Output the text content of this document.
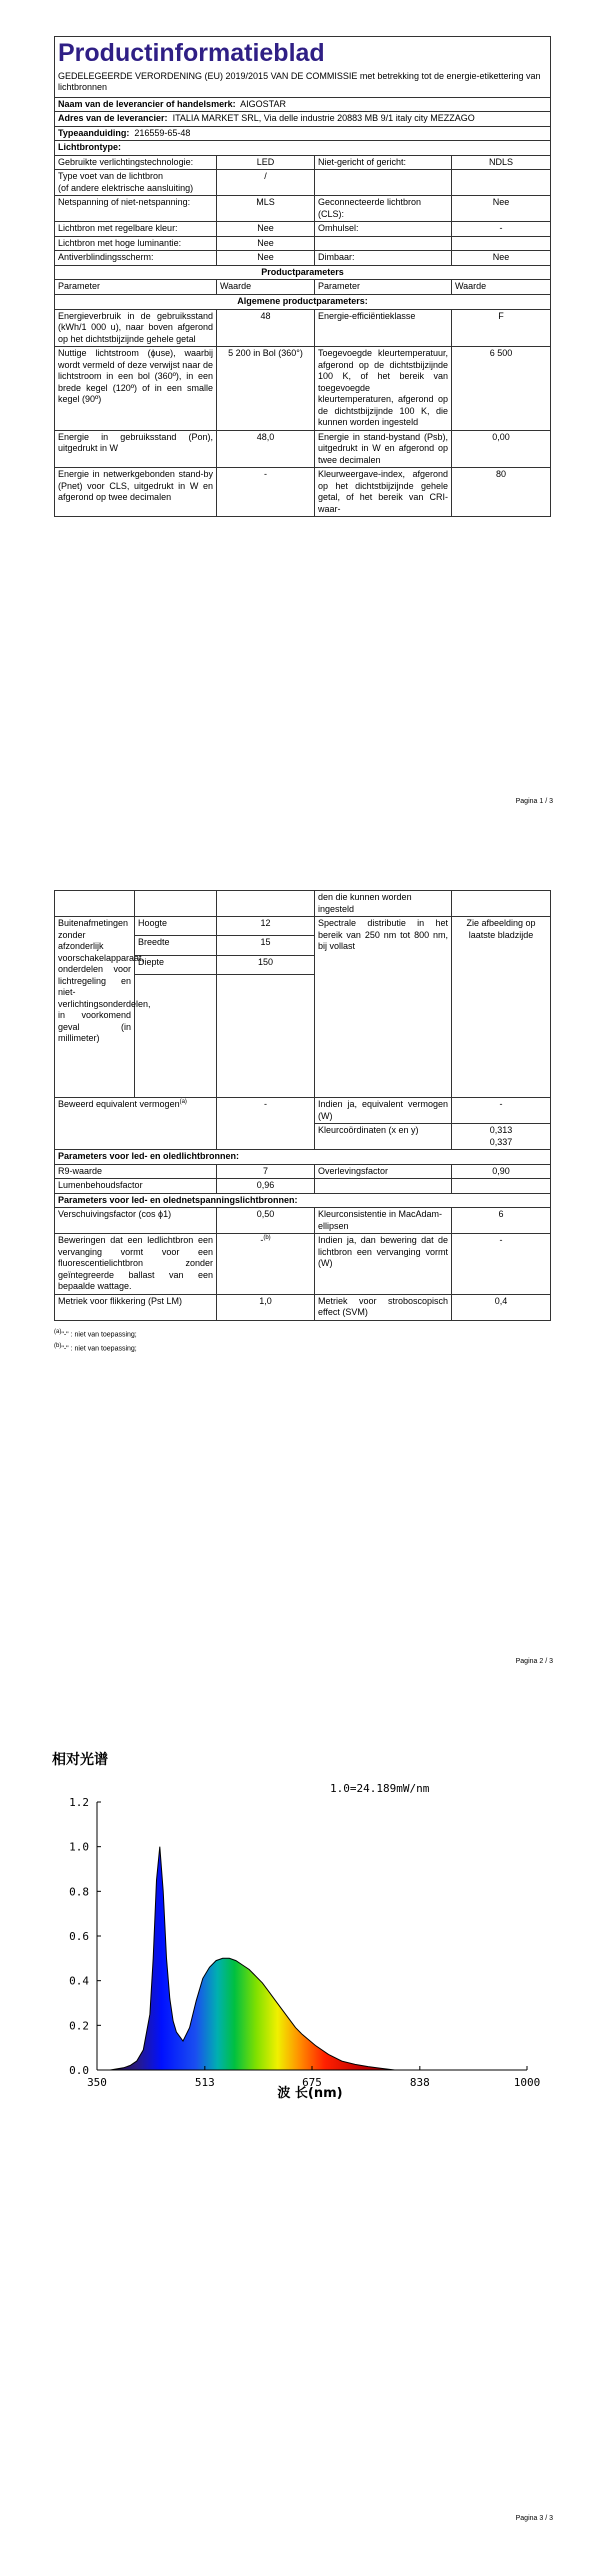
Productinformatieblad
GEDELEGEERDE VERORDENING (EU) 2019/2015 VAN DE COMMISSIE met betrekking tot de energie-etikettering van lichtbronnen			

Naam van de leverancier of handelsmerk: AIGOSTAR			
Adres van de leverancier: ITALIA MARKET SRL, Via delle industrie 20883 MB 9/1 italy city MEZZAGO			
Typeaanduiding: 216559-65-48			
Lichtbrontype:			
Gebruikte verlichtingstechnologie:	LED	Niet-gericht of gericht:	NDLS
Type voet van de lichtbron
(of andere elektrische aansluiting)	/		
Netspanning of niet-netspanning:	MLS	Geconnecteerde lichtbron (CLS):	Nee
Lichtbron met regelbare kleur:	Nee	Omhulsel:	-
Lichtbron met hoge luminantie:	Nee		
Antiverblindingsscherm:	Nee	Dimbaar:	Nee
Productparameters			
Parameter	Waarde	Parameter	Waarde
Algemene productparameters:			
Energieverbruik in de gebruiksstand (kWh/1 000 u), naar boven afgerond op het dichtstbijzijnde gehele getal	48	Energie-efficiëntieklasse	F
Nuttige lichtstroom (ϕuse), waarbij wordt vermeld of deze verwijst naar de lichtstroom in een bol (360º), in een brede kegel (120º) of in een smalle kegel (90º)	5 200 in Bol (360°)	Toegevoegde kleurtemperatuur, afgerond op de dichtstbijzijnde 100 K, of het bereik van toegevoegde kleurtemperaturen, afgerond op de dichtstbijzijnde 100 K, die kunnen worden ingesteld	6 500
Energie in gebruiksstand (Pon), uitgedrukt in W	48,0	Energie in stand-bystand (Psb), uitgedrukt in W en afgerond op twee decimalen	0,00
Energie in netwerkgebonden stand-by (Pnet) voor CLS, uitgedrukt in W en afgerond op twee decimalen	-	Kleurweergave-index, afgerond op het dichtstbijzijnde gehele getal, of het bereik van CRI-waar-	80
Pagina 1 / 3
			den die kunnen worden ingesteld	
Buitenafmetingen zonder afzonderlijk voorschakelapparaat, onderdelen voor lichtregeling en niet-verlichtingsonderdelen, in voorkomend geval (in millimeter)	Hoogte	12	Spectrale distributie in het bereik van 250 nm tot 800 nm, bij vollast	Zie afbeelding op laatste bladzijde
	Breedte	15		
	Diepte	150		

Beweerd equivalent vermogen$^{(a)}$		-	Indien ja, equivalent vermogen (W)	-
			Kleurcoördinaten (x en y)	0,313
0,337
Parameters voor led- en oledlichtbronnen:				
R9-waarde		7	Overlevingsfactor	0,90
Lumenbehoudsfactor		0,96		
Parameters voor led- en olednetspanningslichtbronnen:				
Verschuivingsfactor (cos ϕ1)		0,50	Kleurconsistentie in MacAdam-ellipsen	6
Beweringen dat een ledlichtbron een vervanging vormt voor een fluorescentielichtbron zonder geïntegreerde ballast van een bepaalde wattage.		-$^{(b)}$	Indien ja, dan bewering dat de lichtbron een vervanging vormt (W)	-
Metriek voor flikkering (Pst LM)		1,0	Metriek voor stroboscopisch effect (SVM)	0,4
$^{(a)}$"-" : niet van toepassing;
$^{(b)}$"-" : niet van toepassing;
Pagina 2 / 3
相对光谱
1.0=24.189mW/nm
0.0
0.2
0.4
0.6
0.8
1.0
1.2
350	513	675	838	1000
波 长(nm)
Pagina 3 / 3
